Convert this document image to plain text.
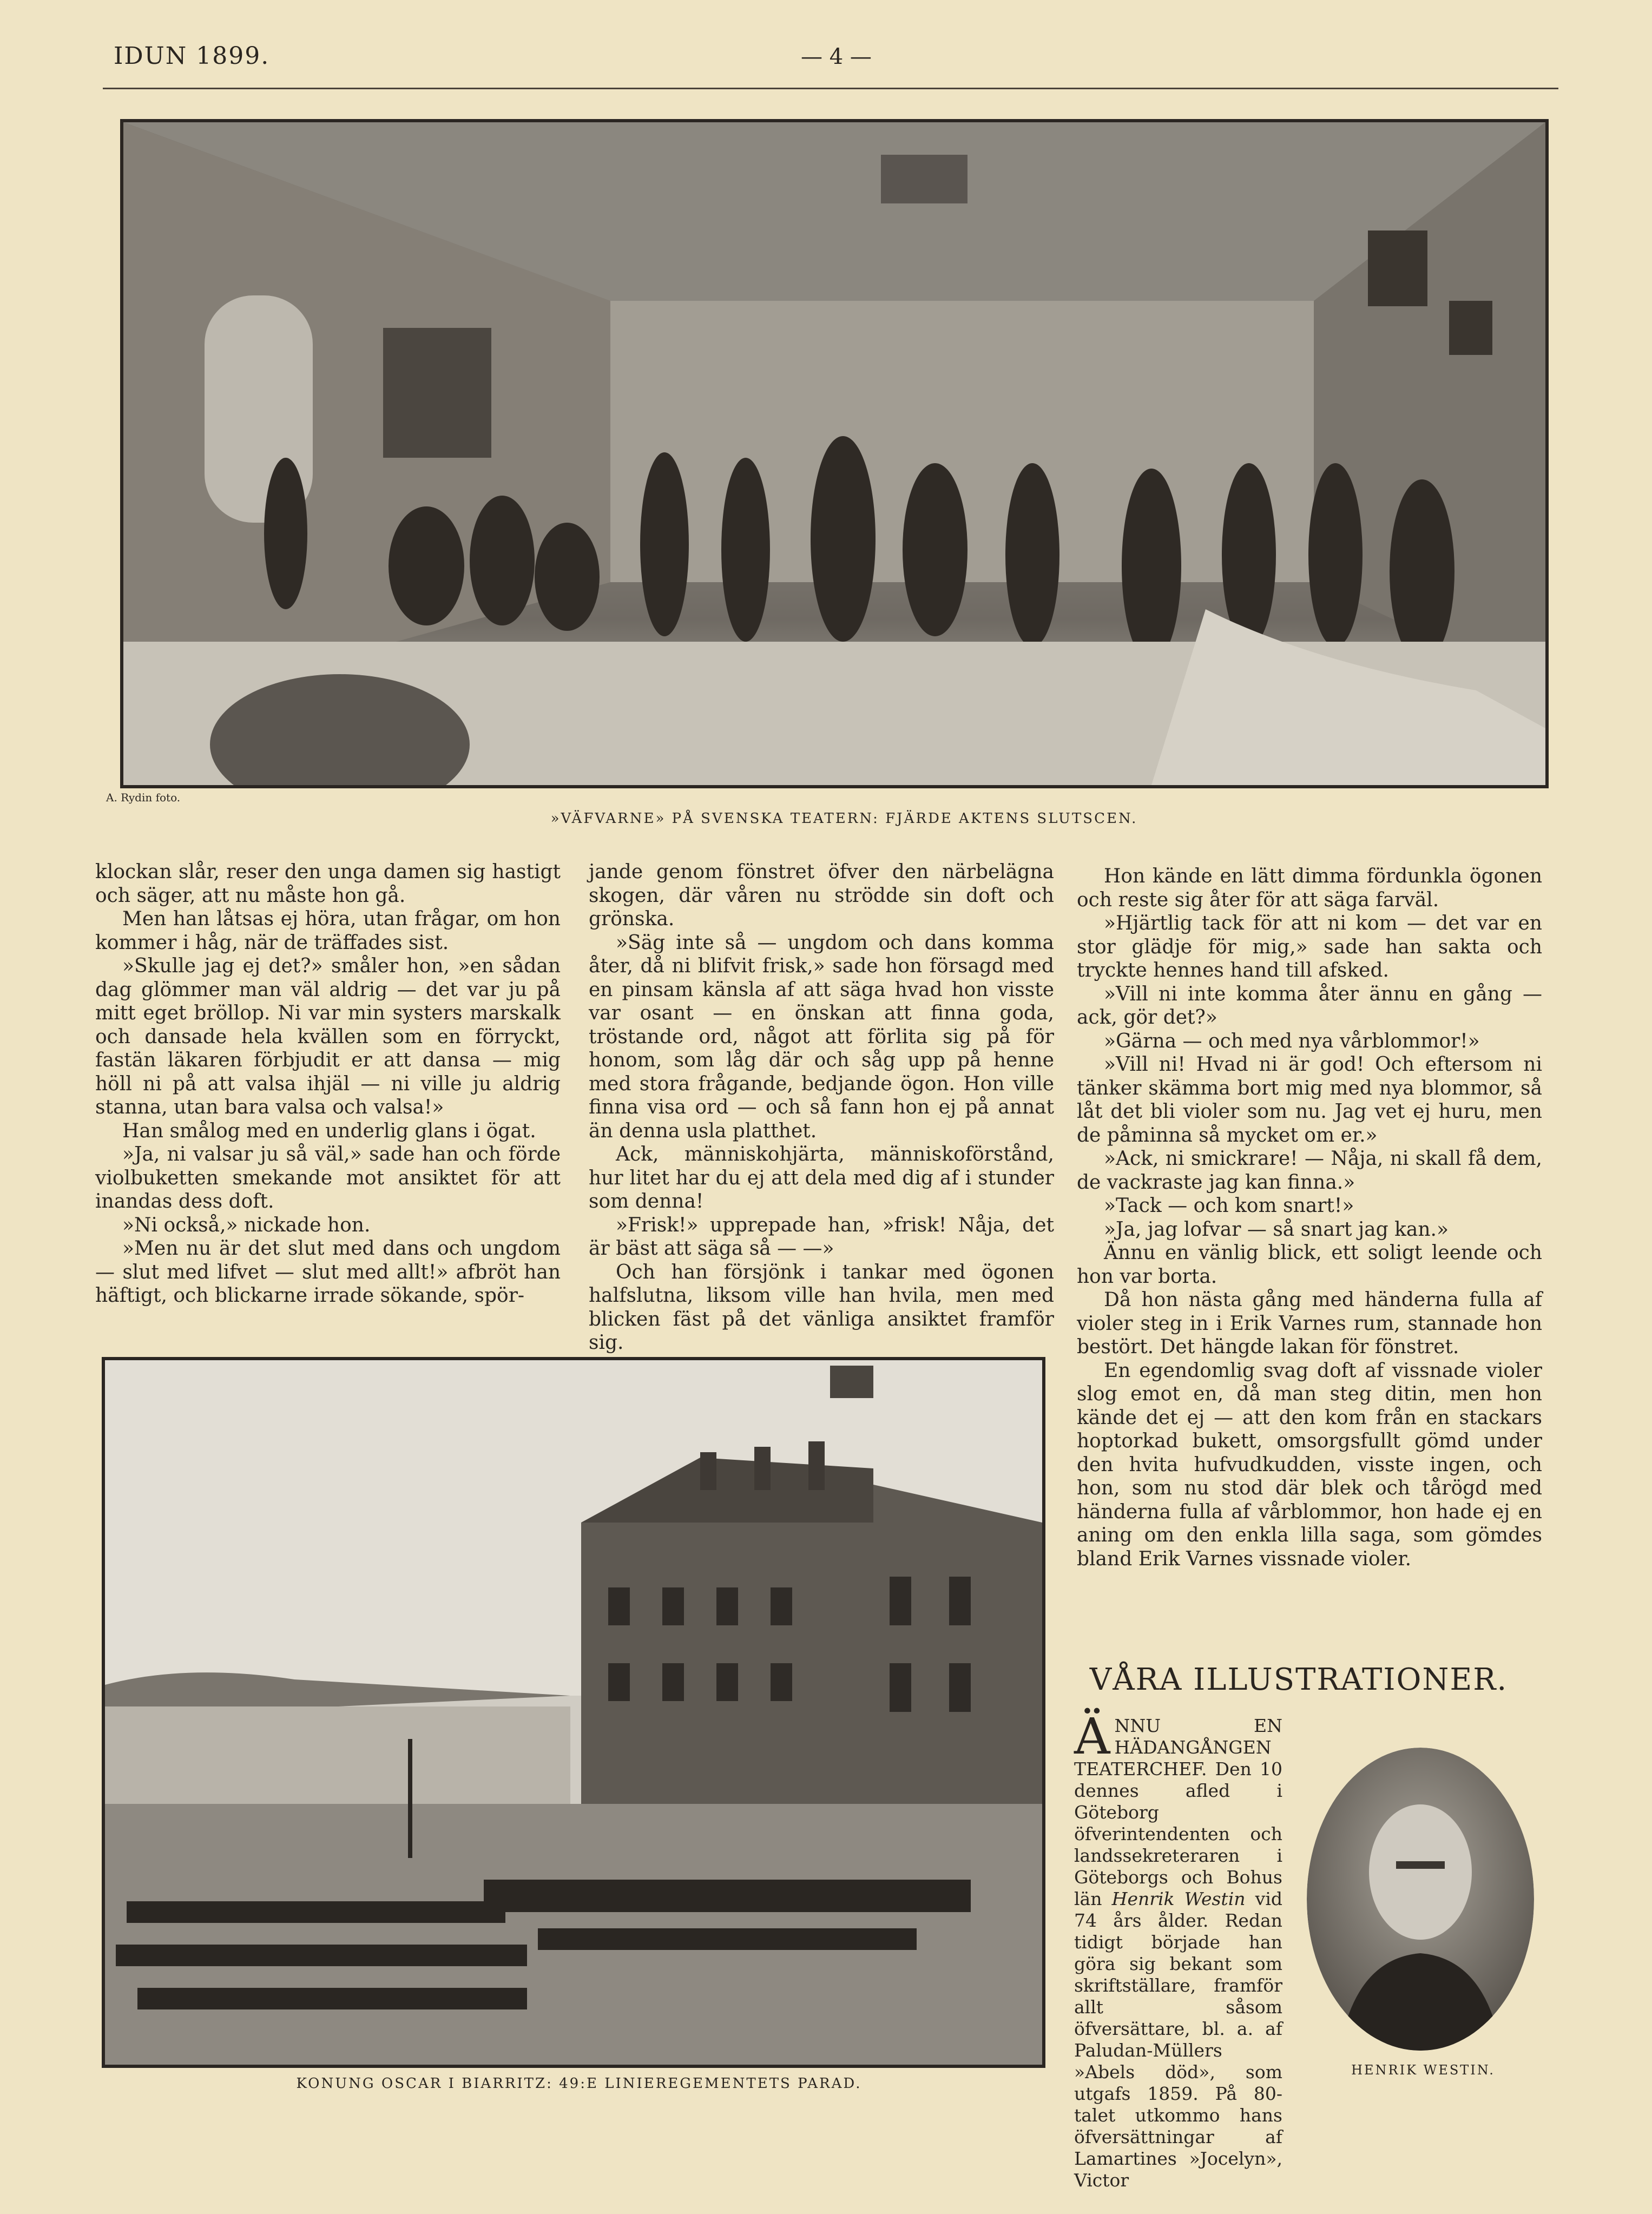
IDUN 1899.	— 4 —
A. Rydin foto.
»VÄFVARNE» PÅ SVENSKA TEATERN: FJÄRDE AKTENS SLUTSCEN.

klockan slår, reser den unga damen sig hastigt och säger, att nu måste hon gå.

Men han låtsas ej höra, utan frågar, om hon kommer i håg, när de träffades sist.

»Skulle jag ej det?» småler hon, »en sådan dag glömmer man väl aldrig — det var ju på mitt eget bröllop. Ni var min systers marskalk och dansade hela kvällen som en förryckt, fastän läkaren förbjudit er att dansa — mig höll ni på att valsa ihjäl — ni ville ju aldrig stanna, utan bara valsa och valsa!»

Han smålog med en underlig glans i ögat.

»Ja, ni valsar ju så väl,» sade han och förde violbuketten smekande mot ansiktet för att inandas dess doft.

»Ni också,» nickade hon.

»Men nu är det slut med dans och ungdom — slut med lifvet — slut med allt!» afbröt han häftigt, och blickarne irrade sökande, spör-

jande genom fönstret öfver den närbelägna skogen, där våren nu strödde sin doft och grönska.

»Säg inte så — ungdom och dans komma åter, då ni blifvit frisk,» sade hon försagd med en pinsam känsla af att säga hvad hon visste var osant — en önskan att finna goda, tröstande ord, något att förlita sig på för honom, som låg där och såg upp på henne med stora frågande, bedjande ögon. Hon ville finna visa ord — och så fann hon ej på annat än denna usla platthet.

Ack, människohjärta, människoförstånd, hur litet har du ej att dela med dig af i stunder som denna!

»Frisk!» upprepade han, »frisk! Nåja, det är bäst att säga så — —»

Och han försjönk i tankar med ögonen halfslutna, liksom ville han hvila, men med blicken fäst på det vänliga ansiktet framför sig.

Hon kände en lätt dimma fördunkla ögonen och reste sig åter för att säga farväl.

»Hjärtlig tack för att ni kom — det var en stor glädje för mig,» sade han sakta och tryckte hennes hand till afsked.

»Vill ni inte komma åter ännu en gång — ack, gör det?»

»Gärna — och med nya vårblommor!»

»Vill ni! Hvad ni är god! Och eftersom ni tänker skämma bort mig med nya blommor, så låt det bli violer som nu. Jag vet ej huru, men de påminna så mycket om er.»

»Ack, ni smickrare! — Nåja, ni skall få dem, de vackraste jag kan finna.»

»Tack — och kom snart!»

»Ja, jag lofvar — så snart jag kan.»

Ännu en vänlig blick, ett soligt leende och hon var borta.

Då hon nästa gång med händerna fulla af violer steg in i Erik Varnes rum, stannade hon bestört. Det hängde lakan för fönstret.

En egendomlig svag doft af vissnade violer slog emot en, då man steg ditin, men hon kände det ej — att den kom från en stackars hoptorkad bukett, omsorgsfullt gömd under den hvita hufvudkudden, visste ingen, och hon, som nu stod där blek och tårögd med händerna fulla af vårblommor, hon hade ej en aning om den enkla lilla saga, som gömdes bland Erik Varnes vissnade violer.

KONUNG OSCAR I BIARRITZ: 49:E LINIEREGEMENTETS PARAD.
VÅRA ILLUSTRATIONER.

ÄNNU EN HÄDANGÅNGEN TEATERCHEF. Den 10 dennes afled i Göteborg öfverintendenten och landssekreteraren i Göteborgs och Bohus län Henrik Westin vid 74 års ålder. Redan tidigt började han göra sig bekant som skriftställare, framför allt såsom öfversättare, bl. a. af Paludan-Müllers »Abels död», som utgafs 1859. På 80-talet utkommo hans öfversättningar af Lamartines »Jocelyn», Victor

HENRIK WESTIN.
